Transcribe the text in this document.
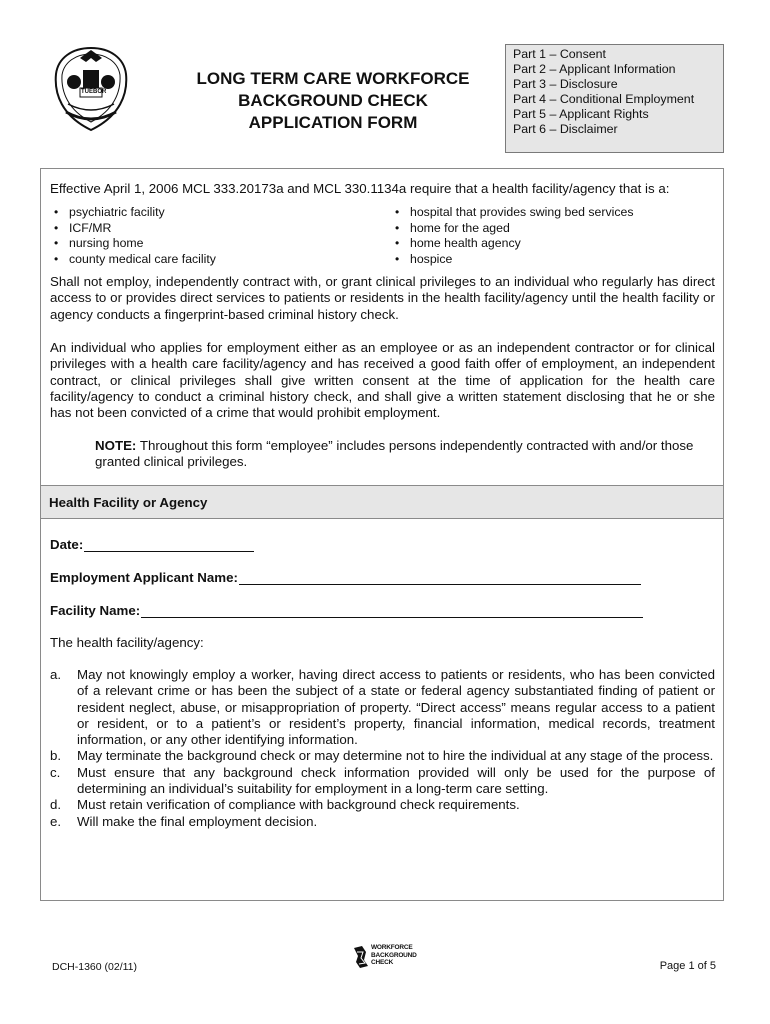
TUEBOR
LONG TERM CARE WORKFORCE
BACKGROUND CHECK
APPLICATION FORM
Part 1 – Consent
Part 2 – Applicant Information
Part 3 – Disclosure
Part 4 – Conditional Employment
Part 5 – Applicant Rights
Part 6 – Disclaimer
Effective April 1, 2006 MCL 333.20173a and MCL 330.1134a require that a health facility/agency that is a:
• psychiatric facility
• ICF/MR
• nursing home
• county medical care facility
• hospital that provides swing bed services
• home for the aged
• home health agency
• hospice
Shall not employ, independently contract with, or grant clinical privileges to an individual who regularly has direct access to or provides direct services to patients or residents in the health facility/agency until the health facility or agency conducts a fingerprint-based criminal history check.
An individual who applies for employment either as an employee or as an independent contractor or for clinical privileges with a health care facility/agency and has received a good faith offer of employment, an independent contract, or clinical privileges shall give written consent at the time of application for the health care facility/agency to conduct a criminal history check, and shall give a written statement disclosing that he or she has not been convicted of a crime that would prohibit employment.
NOTE: Throughout this form “employee” includes persons independently contracted with and/or those granted clinical privileges.
Health Facility or Agency
Date:
Employment Applicant Name:
Facility Name:
The health facility/agency:
a. May not knowingly employ a worker, having direct access to patients or residents, who has been convicted of a relevant crime or has been the subject of a state or federal agency substantiated finding of patient or resident neglect, abuse, or misappropriation of property. “Direct access” means regular access to a patient or resident, or to a patient’s or resident’s property, financial information, medical records, treatment information, or any other identifying information.
b. May terminate the background check or may determine not to hire the individual at any stage of the process.
c. Must ensure that any background check information provided will only be used for the purpose of determining an individual’s suitability for employment in a long-term care setting.
d. Must retain verification of compliance with background check requirements.
e. Will make the final employment decision.
DCH-1360 (02/11)
WORKFORCE BACKGROUND CHECK	Page 1 of 5
